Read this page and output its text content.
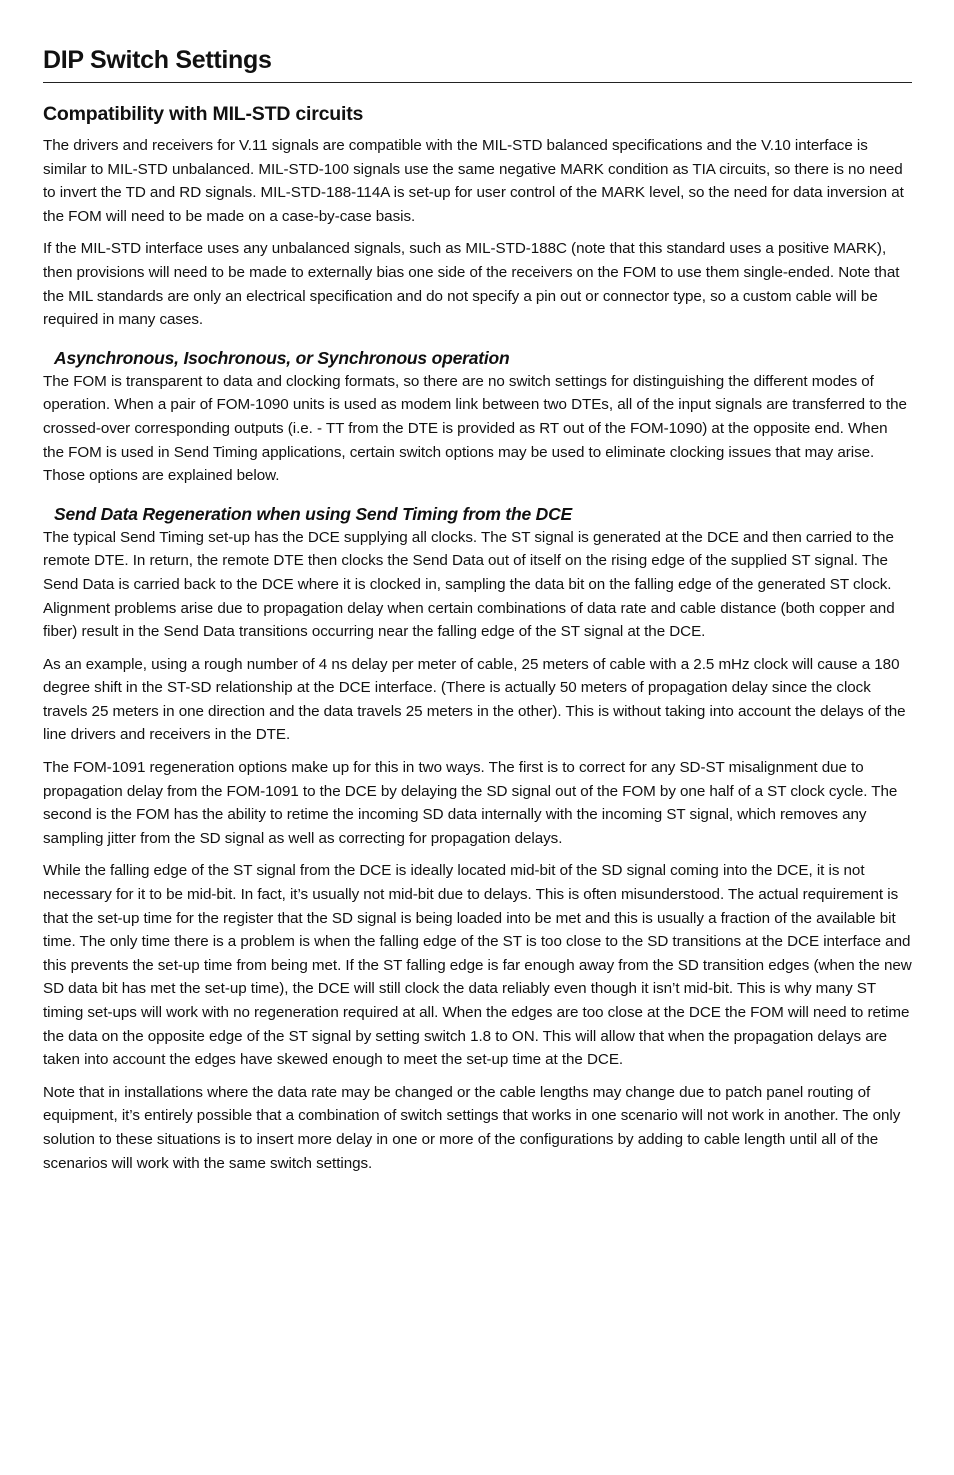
DIP Switch Settings
Compatibility with MIL-STD circuits

The drivers and receivers for V.11 signals are compatible with the MIL-STD balanced specifications and the V.10 interface is similar to MIL-STD unbalanced. MIL-STD-100 signals use the same negative MARK condition as TIA circuits, so there is no need to invert the TD and RD signals. MIL-STD-188-114A is set-up for user control of the MARK level, so the need for data inversion at the FOM will need to be made on a case-by-case basis.

If the MIL-STD interface uses any unbalanced signals, such as MIL-STD-188C (note that this standard uses a positive MARK), then provisions will need to be made to externally bias one side of the receivers on the FOM to use them single-ended. Note that the MIL standards are only an electrical specification and do not specify a pin out or connector type, so a custom cable will be required in many cases.

Asynchronous, Isochronous, or Synchronous operation

The FOM is transparent to data and clocking formats, so there are no switch settings for distinguishing the different modes of operation. When a pair of FOM-1090 units is used as modem link between two DTEs, all of the input signals are transferred to the crossed-over corresponding outputs (i.e. - TT from the DTE is provided as RT out of the FOM-1090) at the opposite end. When the FOM is used in Send Timing applications, certain switch options may be used to eliminate clocking issues that may arise. Those options are explained below.

Send Data Regeneration when using Send Timing from the DCE

The typical Send Timing set-up has the DCE supplying all clocks. The ST signal is generated at the DCE and then carried to the remote DTE. In return, the remote DTE then clocks the Send Data out of itself on the rising edge of the supplied ST signal. The Send Data is carried back to the DCE where it is clocked in, sampling the data bit on the falling edge of the generated ST clock. Alignment problems arise due to propagation delay when certain combinations of data rate and cable distance (both copper and fiber) result in the Send Data transitions occurring near the falling edge of the ST signal at the DCE.

As an example, using a rough number of 4 ns delay per meter of cable, 25 meters of cable with a 2.5 mHz clock will cause a 180 degree shift in the ST-SD relationship at the DCE interface. (There is actually 50 meters of propagation delay since the clock travels 25 meters in one direction and the data travels 25 meters in the other). This is without taking into account the delays of the line drivers and receivers in the DTE.

The FOM-1091 regeneration options make up for this in two ways. The first is to correct for any SD-ST misalignment due to propagation delay from the FOM-1091 to the DCE by delaying the SD signal out of the FOM by one half of a ST clock cycle. The second is the FOM has the ability to retime the incoming SD data internally with the incoming ST signal, which removes any sampling jitter from the SD signal as well as correcting for propagation delays.

While the falling edge of the ST signal from the DCE is ideally located mid-bit of the SD signal coming into the DCE, it is not necessary for it to be mid-bit. In fact, it’s usually not mid-bit due to delays. This is often misunderstood. The actual requirement is that the set-up time for the register that the SD signal is being loaded into be met and this is usually a fraction of the available bit time. The only time there is a problem is when the falling edge of the ST is too close to the SD transitions at the DCE interface and this prevents the set-up time from being met. If the ST falling edge is far enough away from the SD transition edges (when the new SD data bit has met the set-up time), the DCE will still clock the data reliably even though it isn’t mid-bit. This is why many ST timing set-ups will work with no regeneration required at all. When the edges are too close at the DCE the FOM will need to retime the data on the opposite edge of the ST signal by setting switch 1.8 to ON. This will allow that when the propagation delays are taken into account the edges have skewed enough to meet the set-up time at the DCE.

Note that in installations where the data rate may be changed or the cable lengths may change due to patch panel routing of equipment, it’s entirely possible that a combination of switch settings that works in one scenario will not work in another. The only solution to these situations is to insert more delay in one or more of the configurations by adding to cable length until all of the scenarios will work with the same switch settings.
